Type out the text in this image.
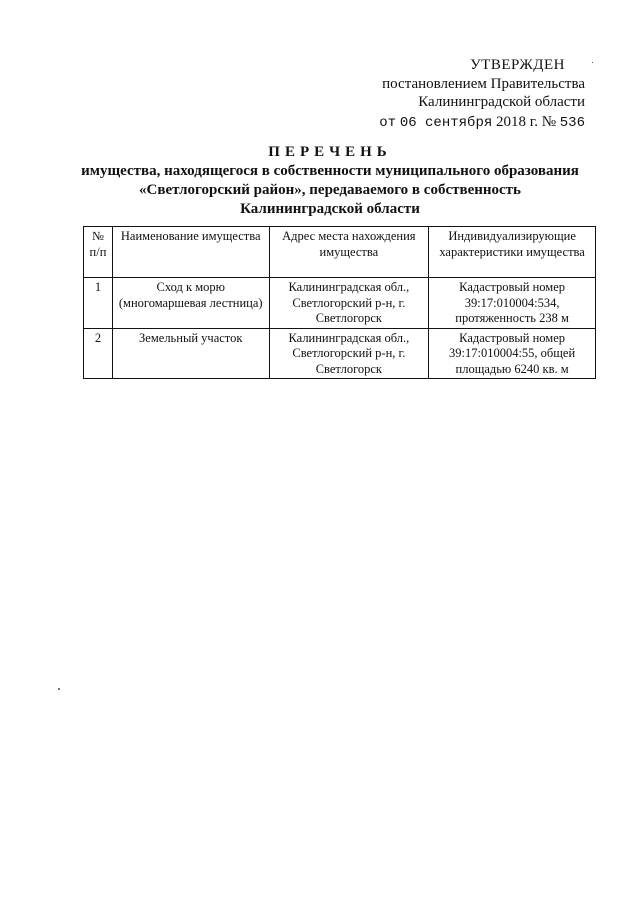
УТВЕРЖДЕН
постановлением Правительства
Калининградской области
от 06 сентября 2018 г. № 536
ПЕРЕЧЕНЬ
имущества, находящегося в собственности муниципального образования
«Светлогорский район», передаваемого в собственность
Калининградской области
№ п/п	Наименование имущества	Адрес места нахождения имущества	Индивидуализирующие характеристики имущества
1	Сход к морю (многомаршевая лестница)	Калининградская обл., Светлогорский р-н, г. Светлогорск	Кадастровый номер 39:17:010004:534, протяженность 238 м
2	Земельный участок	Калининградская обл., Светлогорский р-н, г. Светлогорск	Кадастровый номер 39:17:010004:55, общей площадью 6240 кв. м
